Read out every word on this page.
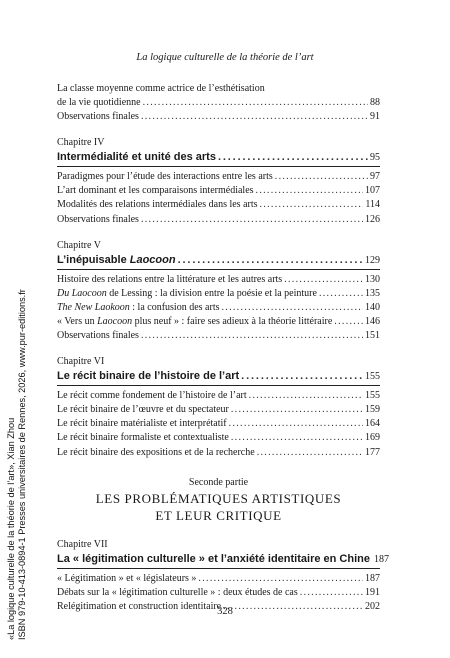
La logique culturelle de la théorie de l’art
La classe moyenne comme actrice de l’esthétisation
de la vie quotidienne . . .	88
Observations finales . . .	91
Chapitre IV
Intermédialité et unité des arts . . .	95
Paradigmes pour l’étude des interactions entre les arts . . .	97
L’art dominant et les comparaisons intermédiales . . .	107
Modalités des relations intermédiales dans les arts . . .	114
Observations finales . . .	126
Chapitre V
L’inépuisable Laocoon . . .	129
Histoire des relations entre la littérature et les autres arts . . .	130
Du Laocoon de Lessing : la division entre la poésie et la peinture . . .	135
The New Laokoon : la confusion des arts . . .	140
« Vers un Laocoon plus neuf » : faire ses adieux à la théorie littéraire . . .	146
Observations finales . . .	151
Chapitre VI
Le récit binaire de l’histoire de l’art . . .	155
Le récit comme fondement de l’histoire de l’art . . .	155
Le récit binaire de l’œuvre et du spectateur . . .	159
Le récit binaire matérialiste et interprétatif . . .	164
Le récit binaire formaliste et contextualiste . . .	169
Le récit binaire des expositions et de la recherche . . .	177
Seconde partie
LES PROBLÉMATIQUES ARTISTIQUES
ET LEUR CRITIQUE
Chapitre VII
La « légitimation culturelle » et l’anxiété identitaire en Chine 187
« Légitimation » et « législateurs » . . .	187
Débats sur la « légitimation culturelle » : deux études de cas . . .	191
Relégitimation et construction identitaire . . .	202
328
«La logique culturelle de la théorie de l’art», Xian Zhou ISBN 979-10-413-0894-1 Presses universitaires de Rennes, 2026, www.pur-editions.fr
